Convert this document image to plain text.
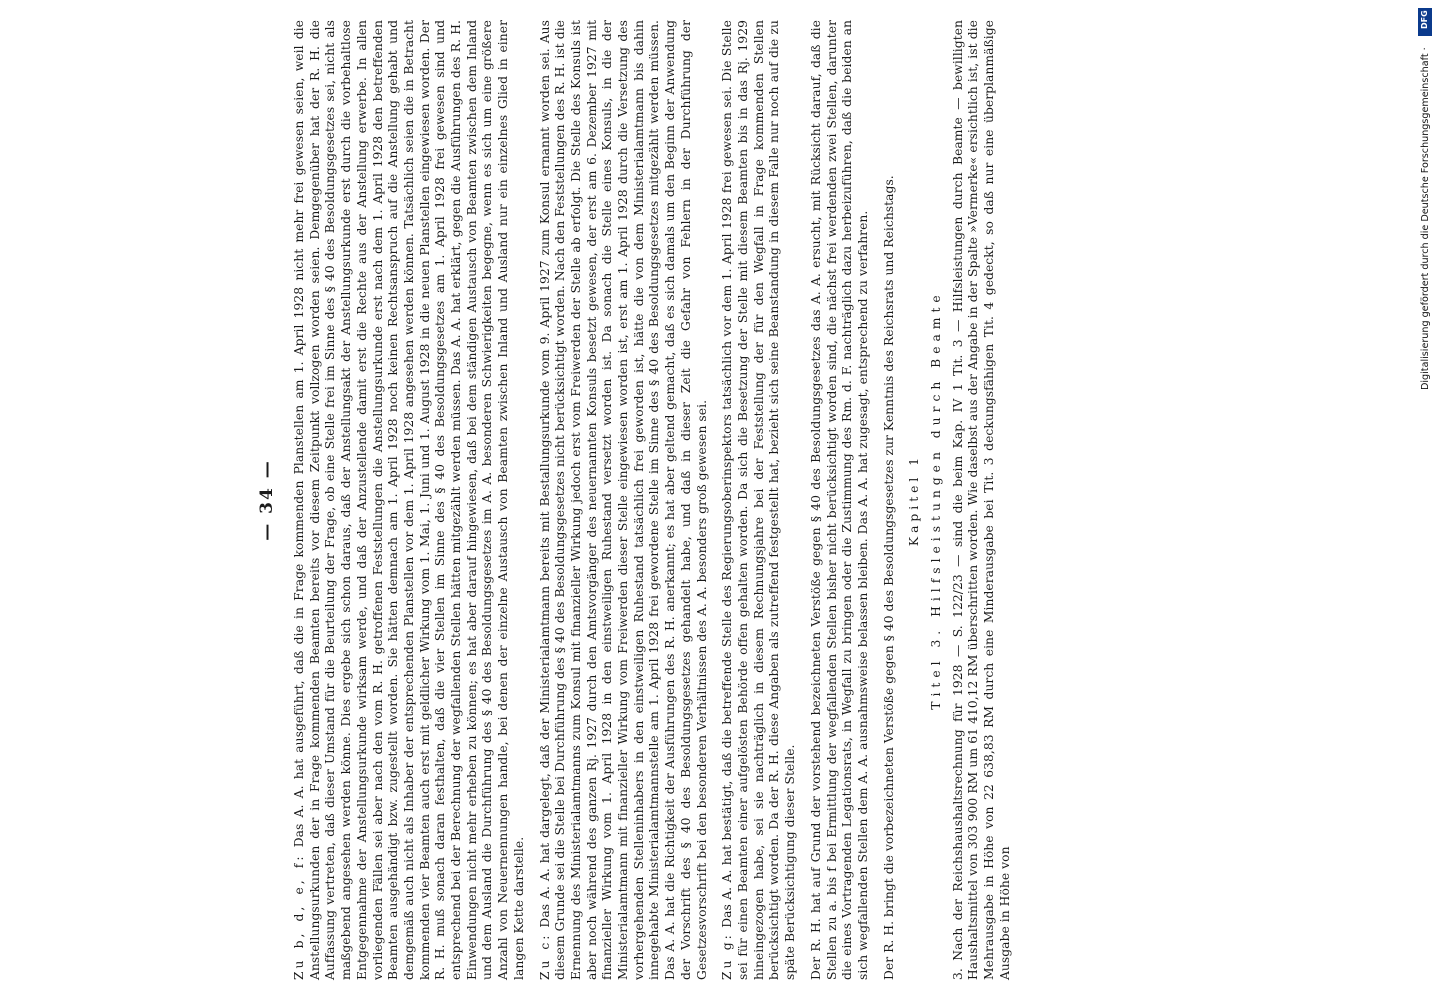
— 34 —

Zu b, d, e, f: Das A. A. hat ausgeführt, daß die in Frage kommenden Planstellen am 1. April 1928 nicht mehr frei gewesen seien, weil die Anstellungsurkunden der in Frage kommenden Beamten bereits vor diesem Zeitpunkt vollzogen worden seien. Demgegenüber hat der R. H. die Auffassung vertreten, daß dieser Umstand für die Beurteilung der Frage, ob eine Stelle frei im Sinne des § 40 des Besoldungsgesetzes sei, nicht als maßgebend angesehen werden könne. Dies ergebe sich schon daraus, daß der Anstellungsakt der Anstellungsurkunde erst durch die vorbehaltlose Entgegennahme der Anstellungsurkunde wirksam werde, und daß der Anzustellende damit erst die Rechte aus der Anstellung erwerbe. In allen vorliegenden Fällen sei aber nach den vom R. H. getroffenen Feststellungen die Anstellungsurkunde erst nach dem 1. April 1928 den betreffenden Beamten ausgehändigt bzw. zugestellt worden. Sie hätten demnach am 1. April 1928 noch keinen Rechtsanspruch auf die Anstellung gehabt und demgemäß auch nicht als Inhaber der entsprechenden Planstellen vor dem 1. April 1928 angesehen werden können. Tatsächlich seien die in Betracht kommenden vier Beamten auch erst mit geldlicher Wirkung vom 1. Mai, 1. Juni und 1. August 1928 in die neuen Planstellen eingewiesen worden. Der R. H. muß sonach daran festhalten, daß die vier Stellen im Sinne des § 40 des Besoldungsgesetzes am 1. April 1928 frei gewesen sind und entsprechend bei der Berechnung der wegfallenden Stellen hätten mitgezählt werden müssen. Das A. A. hat erklärt, gegen die Ausführungen des R. H. Einwendungen nicht mehr erheben zu können; es hat aber darauf hingewiesen, daß bei dem ständigen Austausch von Beamten zwischen dem Inland und dem Ausland die Durchführung des § 40 des Besoldungsgesetzes im A. A. besonderen Schwierigkeiten begegne, wenn es sich um eine größere Anzahl von Neuernennungen handle, bei denen der einzelne Austausch von Beamten zwischen Inland und Ausland nur ein einzelnes Glied in einer langen Kette darstelle. Zu c: Das A. A. hat dargelegt, daß der Ministerialamtmann bereits mit Bestallungsurkunde vom 9. April 1927 zum Konsul ernannt worden sei. Aus diesem Grunde sei die Stelle bei Durchführung des § 40 des Besoldungsgesetzes nicht berücksichtigt worden. Nach den Feststellungen des R. H. ist die Ernennung des Ministerialamtmanns zum Konsul mit finanzieller Wirkung jedoch erst vom Freiwerden der Stelle ab erfolgt. Die Stelle des Konsuls ist aber noch während des ganzen Rj. 1927 durch den Amtsvorgänger des neuernannten Konsuls besetzt gewesen, der erst am 6. Dezember 1927 mit finanzieller Wirkung vom 1. April 1928 in den einstweiligen Ruhestand versetzt worden ist. Da sonach die Stelle eines Konsuls, in die der Ministerialamtmann mit finanzieller Wirkung vom Freiwerden dieser Stelle eingewiesen worden ist, erst am 1. April 1928 durch die Versetzung des vorhergehenden Stelleninhabers in den einstweiligen Ruhestand tatsächlich frei geworden ist, hätte die von dem Ministerialamtmann bis dahin innegehabte Ministerialamtmannstelle am 1. April 1928 frei gewordene Stelle im Sinne des § 40 des Besoldungsgesetzes mitgezählt werden müssen. Das A. A. hat die Richtigkeit der Ausführungen des R. H. anerkannt; es hat aber geltend gemacht, daß es sich damals um den Beginn der Anwendung der Vorschrift des § 40 des Besoldungsgesetzes gehandelt habe, und daß in dieser Zeit die Gefahr von Fehlern in der Durchführung der Gesetzesvorschrift bei den besonderen Verhältnissen des A. A. besonders groß gewesen sei. Zu g: Das A. A. hat bestätigt, daß die betreffende Stelle des Regierungsoberinspektors tatsächlich vor dem 1. April 1928 frei gewesen sei. Die Stelle sei für einen Beamten einer aufgelösten Behörde offen gehalten worden. Da sich die Besetzung der Stelle mit diesem Beamten bis in das Rj. 1929 hineingezogen habe, sei sie nachträglich in diesem Rechnungsjahre bei der Feststellung der für den Wegfall in Frage kommenden Stellen berücksichtigt worden. Da der R. H. diese Angaben als zutreffend festgestellt hat, bezieht sich seine Beanstandung in diesem Falle nur noch auf die zu späte Berücksichtigung dieser Stelle. Der R. H. hat auf Grund der vorstehend bezeichneten Verstöße gegen § 40 des Besoldungsgesetzes das A. A. ersucht, mit Rücksicht darauf, daß die Stellen zu a. bis f bei Ermittlung der wegfallenden Stellen bisher nicht berücksichtigt worden sind, die nächst frei werdenden zwei Stellen, darunter die eines Vortragenden Legationsrats, in Wegfall zu bringen oder die Zustimmung des Rm. d. F. nachträglich dazu herbeizuführen, daß die beiden an sich wegfallenden Stellen dem A. A. ausnahmsweise belassen bleiben. Das A. A. hat zugesagt, entsprechend zu verfahren. Der R. H. bringt die vorbezeichneten Verstöße gegen § 40 des Besoldungsgesetzes zur Kenntnis des Reichsrats und Reichstags. Kapitel 1 Titel 3. Hilfsleistungen durch Beamte 3. Nach der Reichshaushaltsrechnung für 1928 — S. 122/23 — sind die beim Kap. IV 1 Tit. 3 — Hilfsleistungen durch Beamte — bewilligten Haushaltsmittel von 303 900 RM um 61 410,12 RM überschritten worden. Wie daselbst aus der Angabe in der Spalte »Vermerke« ersichtlich ist, ist die Mehrausgabe in Höhe von 22 638,83 RM durch eine Minderausgabe bei Tit. 3 deckungsfähigen Tit. 4 gedeckt, so daß nur eine überplanmäßige Ausgabe in Höhe von

Digitalisierung gefördert durch die Deutsche Forschungsgemeinschaft ·
DFG
